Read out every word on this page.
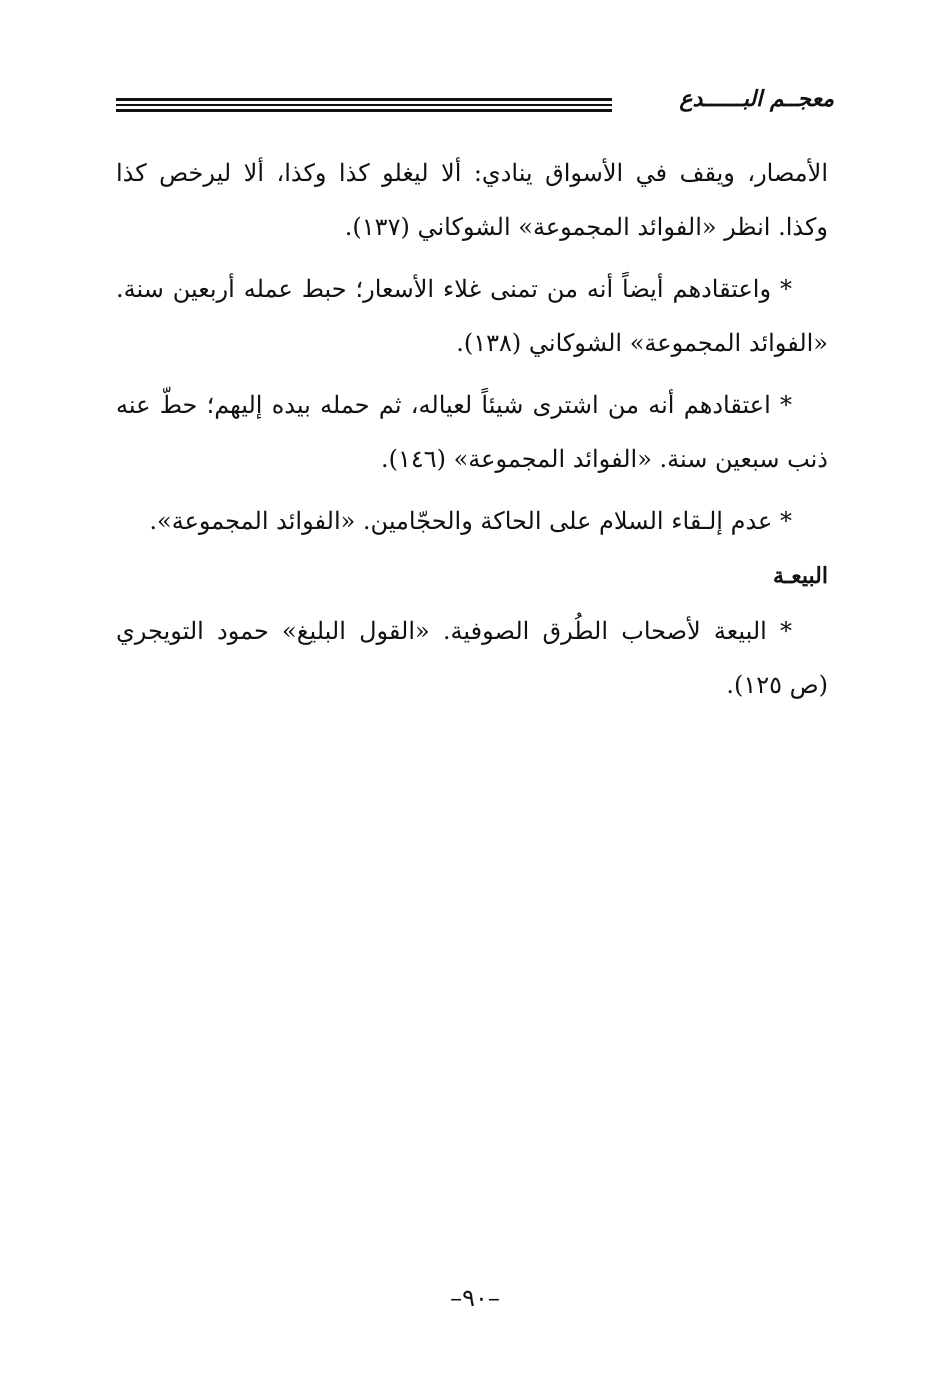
معجــم البــــــدع

الأمصار، ويقف في الأسواق ينادي: ألا ليغلو كذا وكذا، ألا ليرخص كذا وكذا. انظر «الفوائد المجموعة» الشوكاني (١٣٧).

* واعتقادهم أيضاً أنه من تمنى غلاء الأسعار؛ حبط عمله أربعين سنة. «الفوائد المجموعة» الشوكاني (١٣٨).

* اعتقادهم أنه من اشترى شيئاً لعياله، ثم حمله بيده إليهم؛ حطّ عنه ذنب سبعين سنة. «الفوائد المجموعة» (١٤٦).

* عدم إلـقاء السلام على الحاكة والحجّامين. «الفوائد المجموعة».

البيعـة

* البيعة لأصحاب الطُرق الصوفية. «القول البليغ» حمود التويجري (ص ١٢٥).

–٩٠–
